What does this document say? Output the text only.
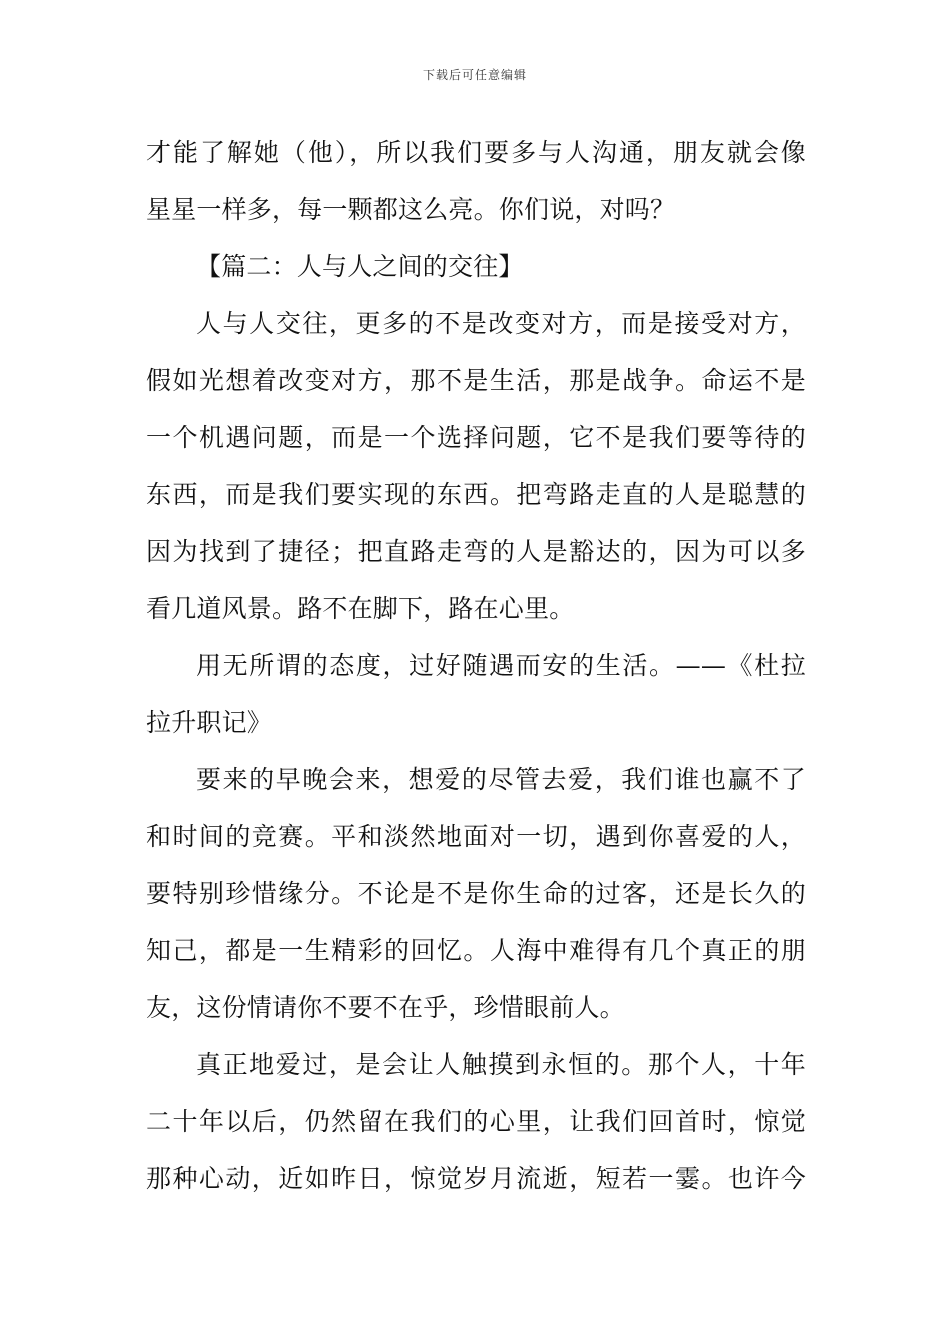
下载后可任意编辑
才能了解她（他），所以我们要多与人沟通，朋友就会像
星星一样多，每一颗都这么亮。你们说，对吗？
【篇二：人与人之间的交往】
人与人交往，更多的不是改变对方，而是接受对方，
假如光想着改变对方，那不是生活，那是战争。命运不是
一个机遇问题，而是一个选择问题，它不是我们要等待的
东西，而是我们要实现的东西。把弯路走直的人是聪慧的
因为找到了捷径；把直路走弯的人是豁达的，因为可以多
看几道风景。路不在脚下，路在心里。
用无所谓的态度，过好随遇而安的生活。——《杜拉
拉升职记》
要来的早晚会来，想爱的尽管去爱，我们谁也赢不了
和时间的竞赛。平和淡然地面对一切，遇到你喜爱的人，
要特别珍惜缘分。不论是不是你生命的过客，还是长久的
知己，都是一生精彩的回忆。人海中难得有几个真正的朋
友，这份情请你不要不在乎，珍惜眼前人。
真正地爱过，是会让人触摸到永恒的。那个人，十年
二十年以后，仍然留在我们的心里，让我们回首时，惊觉
那种心动，近如昨日，惊觉岁月流逝，短若一霎。也许今
